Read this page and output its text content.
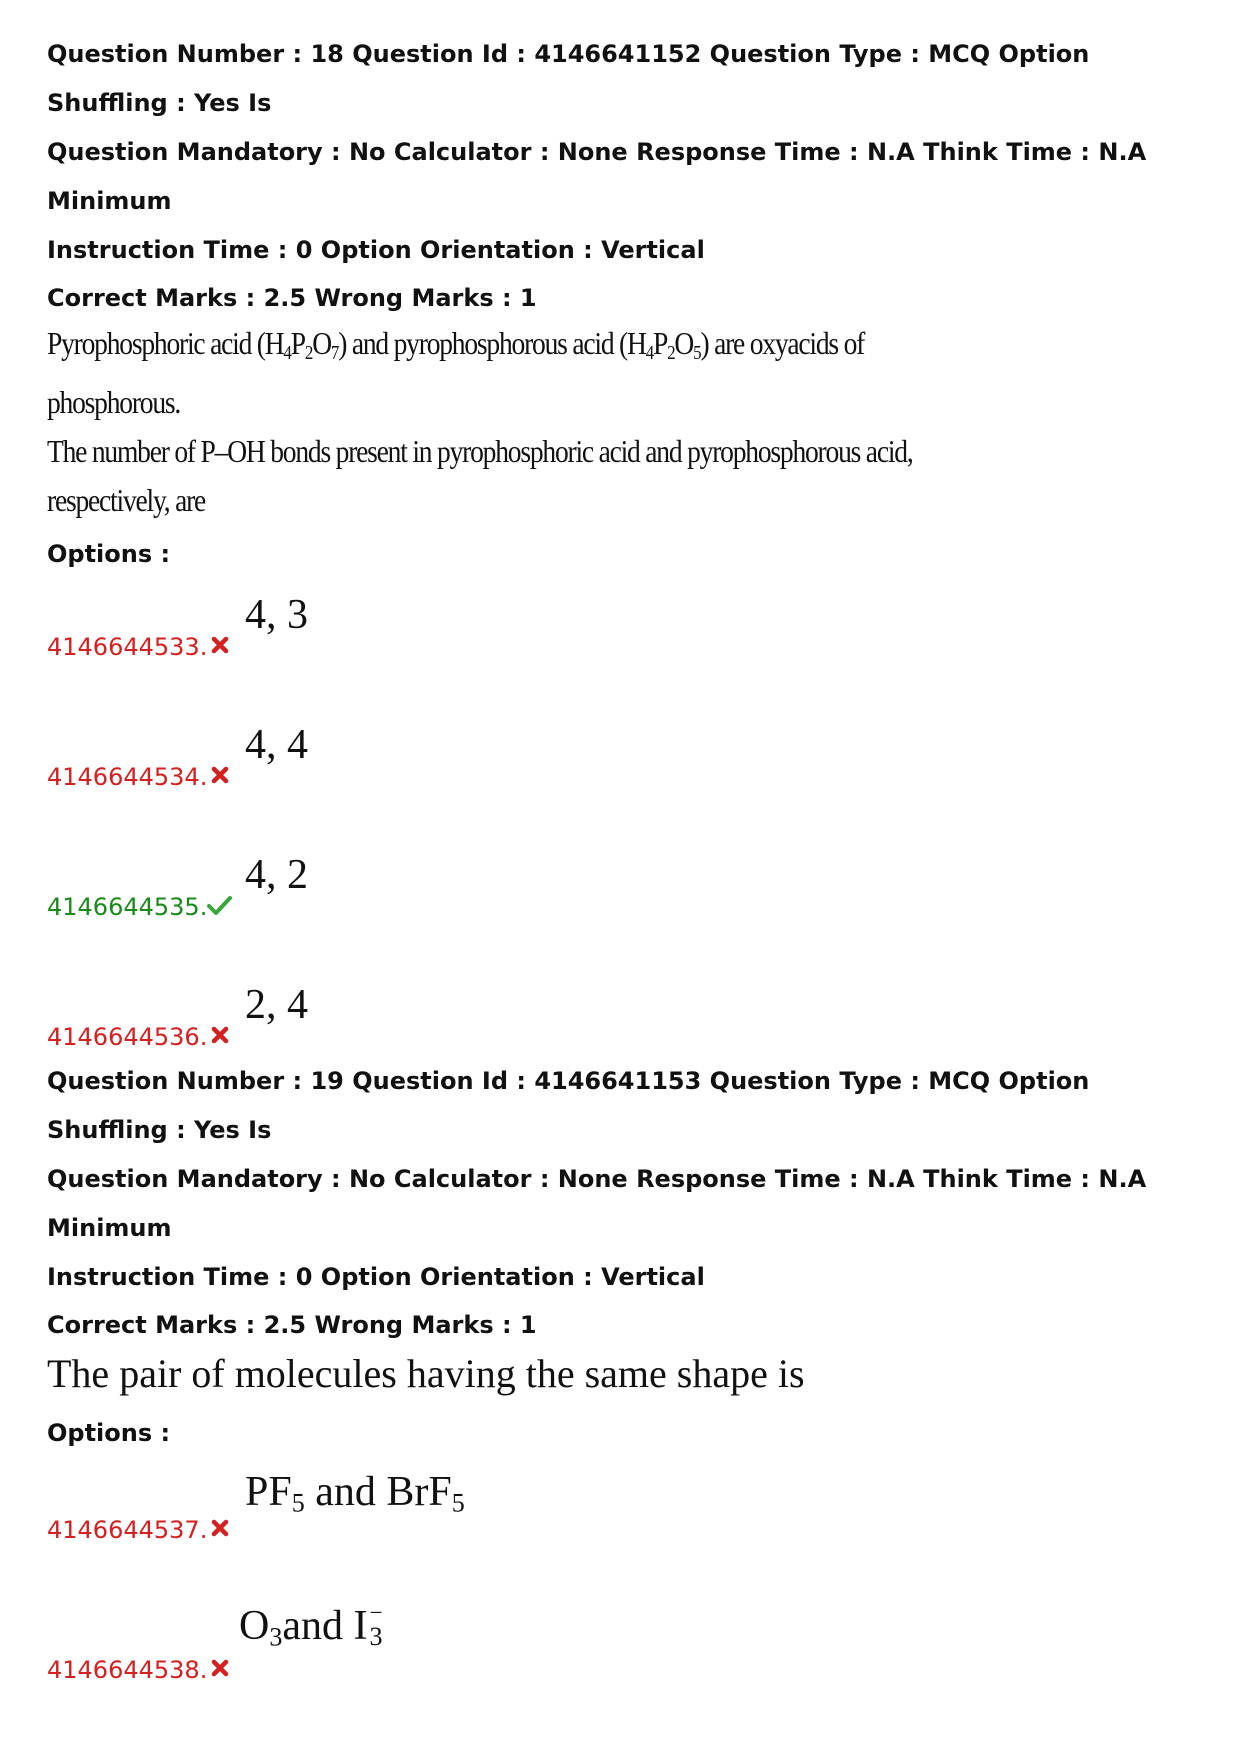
Question Number : 18 Question Id : 4146641152 Question Type : MCQ Option Shuffling : Yes Is

Question Mandatory : No Calculator : None Response Time : N.A Think Time : N.A Minimum

Instruction Time : 0 Option Orientation : Vertical

Correct Marks : 2.5 Wrong Marks : 1
Pyrophosphoric acid $(H_4P_2O_7)$ and pyrophosphorous acid $(H_4P_2O_5)$ are oxyacids of phosphorous.
The number of P–OH bonds present in pyrophosphoric acid and pyrophosphorous acid,
respectively, are
Options :
4146644533.
4, 3
4146644534.
4, 4
4146644535.
4, 2
4146644536.
2, 4

Question Number : 19 Question Id : 4146641153 Question Type : MCQ Option Shuffling : Yes Is

Question Mandatory : No Calculator : None Response Time : N.A Think Time : N.A Minimum

Instruction Time : 0 Option Orientation : Vertical

Correct Marks : 2.5 Wrong Marks : 1
The pair of molecules having the same shape is
Options :
4146644537.
$PF_5$ and BrF$_5$
4146644538.
$O_3and$ I −
3
